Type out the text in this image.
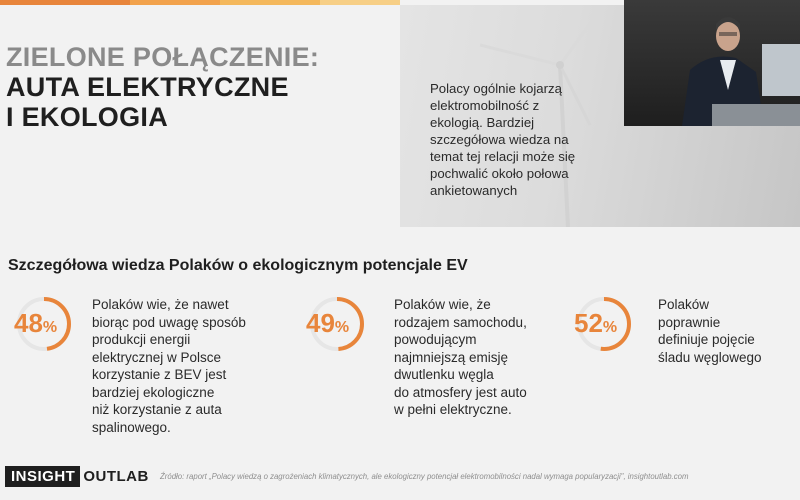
ZIELONE POŁĄCZENIE:
AUTA ELEKTRYCZNE
I EKOLOGIA
Polacy ogólnie kojarzą
elektromobilność z
ekologią. Bardziej
szczegółowa wiedza na
temat tej relacji może się
pochwalić około połowa
ankietowanych
Szczegółowa wiedza Polaków o ekologicznym potencjale EV
48%
Polaków wie, że nawet
biorąc pod uwagę sposób
produkcji energii
elektrycznej w Polsce
korzystanie z BEV jest
bardziej ekologiczne
niż korzystanie z auta
spalinowego.
49%
Polaków wie, że
rodzajem samochodu,
powodującym
najmniejszą emisję
dwutlenku węgla
do atmosfery jest auto
w pełni elektryczne.
52%
Polaków
poprawnie
definiuje pojęcie
śladu węglowego
INSIGHT OUTLAB	Źródło: raport „Polacy wiedzą o zagrożeniach klimatycznych, ale ekologiczny potencjał elektromobilności nadal wymaga popularyzacji", insightoutlab.com
